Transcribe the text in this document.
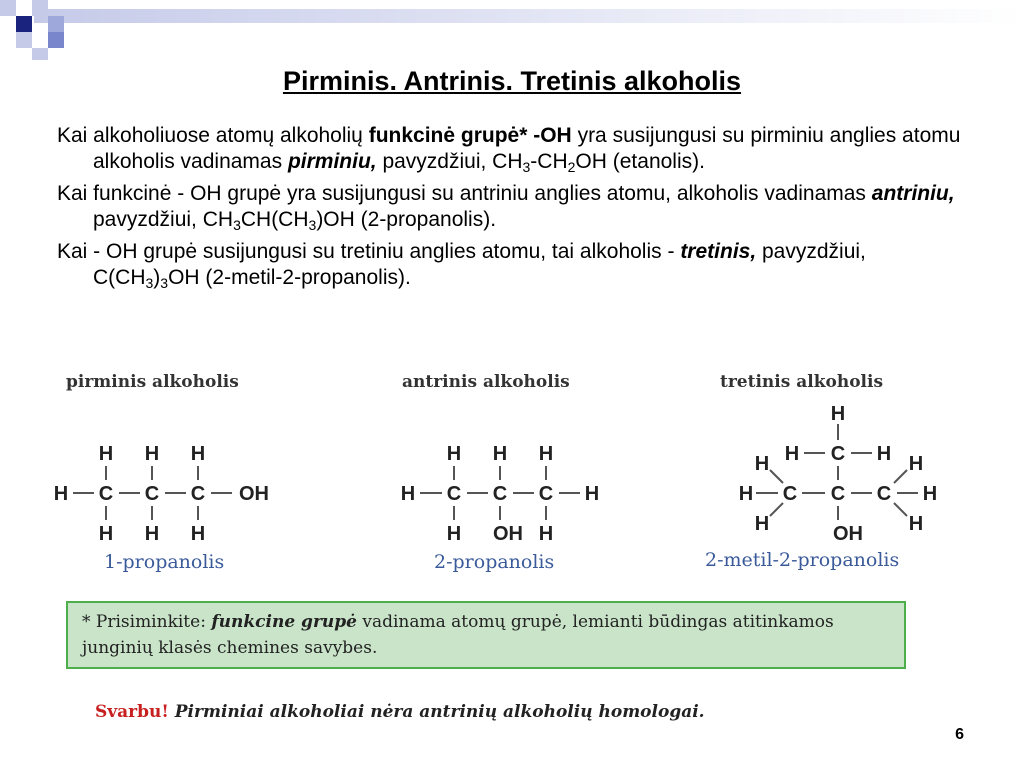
Pirminis. Antrinis. Tretinis alkoholis

Kai alkoholiuose atomų alkoholių funkcinė grupė* -OH yra susijungusi su pirminiu anglies atomu alkoholis vadinamas pirminiu, pavyzdžiui, $CH_3-CH_2OH$ (etanolis).

Kai funkcinė - OH grupė yra susijungusi su antriniu anglies atomu, alkoholis vadinamas antriniu, pavyzdžiui, $CH_3CH(CH_3)OH$ (2-propanolis).

Kai - OH grupė susijungusi su tretiniu anglies atomu, tai alkoholis - tretinis, pavyzdžiui, $C(CH_3)_3OH$ (2-metil-2-propanolis).

pirminis alkoholis	antrinis alkoholis	tretinis alkoholis
H H H
H C C C OH
H H H
H H H
H C C C H
H OH H
H
H C H
H	H
H C C C H
H	H
OH
1-propanolis	2-propanolis	2-metil-2-propanolis
* Prisiminkite: funkcine grupė vadinama atomų grupė, lemianti būdingas atitinkamos junginių klasės chemines savybes.
Svarbu! Pirminiai alkoholiai nėra antrinių alkoholių homologai.
6
